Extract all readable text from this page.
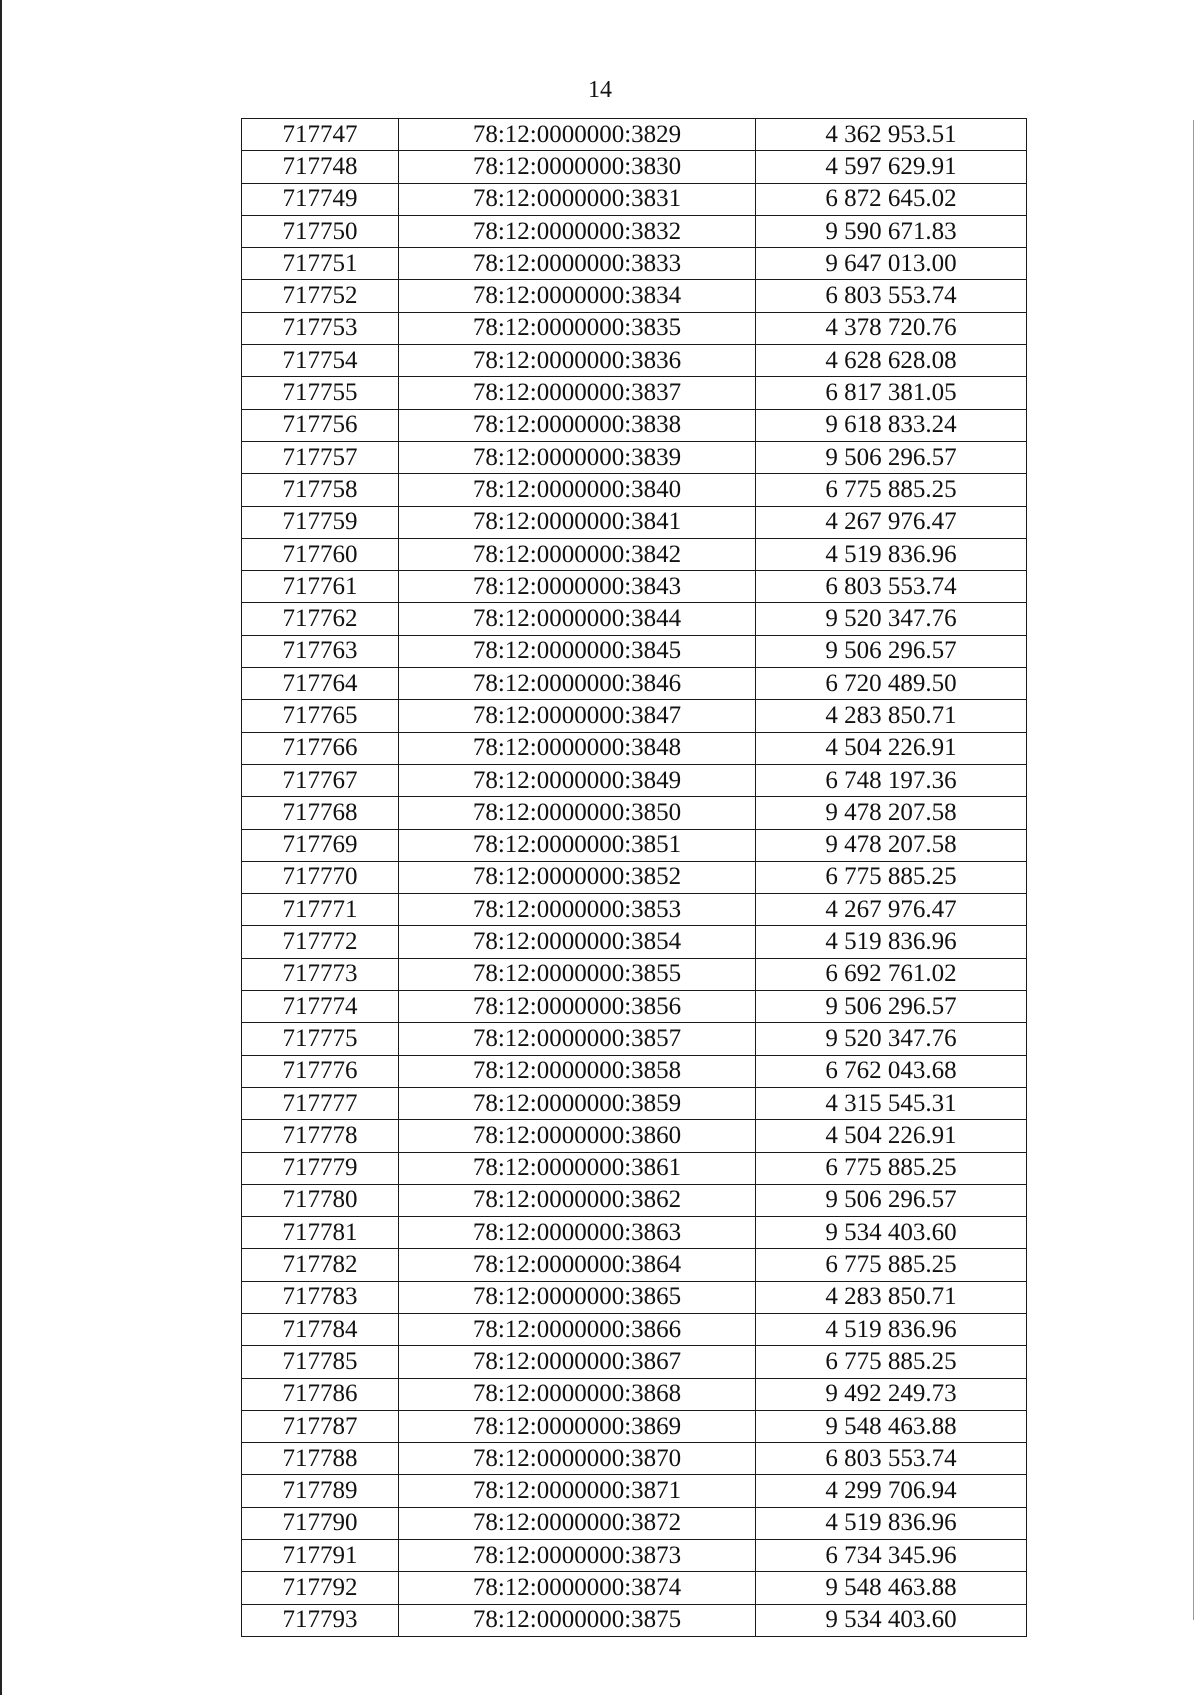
14
717747	78:12:0000000:3829	4 362 953.51
717748	78:12:0000000:3830	4 597 629.91
717749	78:12:0000000:3831	6 872 645.02
717750	78:12:0000000:3832	9 590 671.83
717751	78:12:0000000:3833	9 647 013.00
717752	78:12:0000000:3834	6 803 553.74
717753	78:12:0000000:3835	4 378 720.76
717754	78:12:0000000:3836	4 628 628.08
717755	78:12:0000000:3837	6 817 381.05
717756	78:12:0000000:3838	9 618 833.24
717757	78:12:0000000:3839	9 506 296.57
717758	78:12:0000000:3840	6 775 885.25
717759	78:12:0000000:3841	4 267 976.47
717760	78:12:0000000:3842	4 519 836.96
717761	78:12:0000000:3843	6 803 553.74
717762	78:12:0000000:3844	9 520 347.76
717763	78:12:0000000:3845	9 506 296.57
717764	78:12:0000000:3846	6 720 489.50
717765	78:12:0000000:3847	4 283 850.71
717766	78:12:0000000:3848	4 504 226.91
717767	78:12:0000000:3849	6 748 197.36
717768	78:12:0000000:3850	9 478 207.58
717769	78:12:0000000:3851	9 478 207.58
717770	78:12:0000000:3852	6 775 885.25
717771	78:12:0000000:3853	4 267 976.47
717772	78:12:0000000:3854	4 519 836.96
717773	78:12:0000000:3855	6 692 761.02
717774	78:12:0000000:3856	9 506 296.57
717775	78:12:0000000:3857	9 520 347.76
717776	78:12:0000000:3858	6 762 043.68
717777	78:12:0000000:3859	4 315 545.31
717778	78:12:0000000:3860	4 504 226.91
717779	78:12:0000000:3861	6 775 885.25
717780	78:12:0000000:3862	9 506 296.57
717781	78:12:0000000:3863	9 534 403.60
717782	78:12:0000000:3864	6 775 885.25
717783	78:12:0000000:3865	4 283 850.71
717784	78:12:0000000:3866	4 519 836.96
717785	78:12:0000000:3867	6 775 885.25
717786	78:12:0000000:3868	9 492 249.73
717787	78:12:0000000:3869	9 548 463.88
717788	78:12:0000000:3870	6 803 553.74
717789	78:12:0000000:3871	4 299 706.94
717790	78:12:0000000:3872	4 519 836.96
717791	78:12:0000000:3873	6 734 345.96
717792	78:12:0000000:3874	9 548 463.88
717793	78:12:0000000:3875	9 534 403.60
